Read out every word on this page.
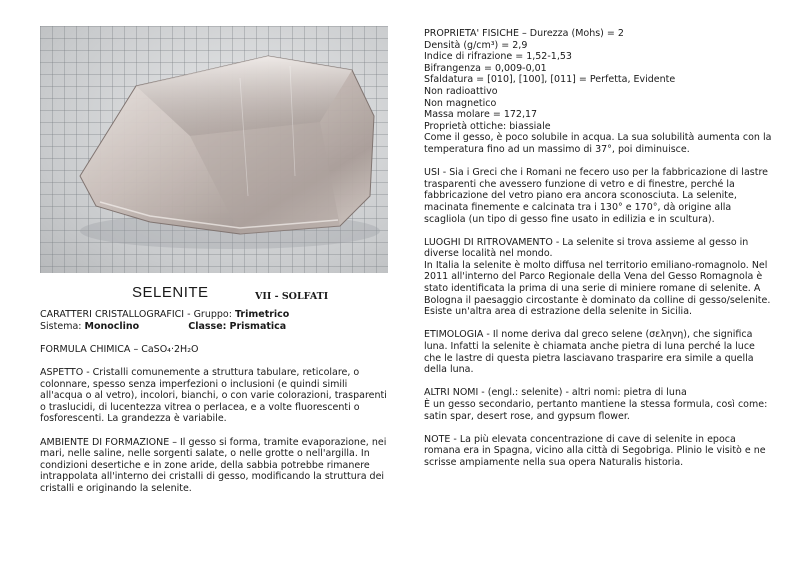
SELENITE	VII - SOLFATI

CARATTERI CRISTALLOGRAFICI - Gruppo: Trimetrico
Sistema: Monoclino	Classe: Prismatica

FORMULA CHIMICA – CaSO₄·2H₂O

ASPETTO - Cristalli comunemente a struttura tabulare, reticolare, o colonnare, spesso senza imperfezioni o inclusioni (e quindi simili all'acqua o al vetro), incolori, bianchi, o con varie colorazioni, trasparenti o traslucidi, di lucentezza vitrea o perlacea, e a volte fluorescenti o fosforescenti. La grandezza è variabile.

AMBIENTE DI FORMAZIONE – Il gesso si forma, tramite evaporazione, nei mari, nelle saline, nelle sorgenti salate, o nelle grotte o nell'argilla. In condizioni desertiche e in zone aride, della sabbia potrebbe rimanere intrappolata all'interno dei cristalli di gesso, modificando la struttura dei cristalli e originando la selenite.

PROPRIETA' FISICHE – Durezza (Mohs) = 2
Densità (g/cm³) = 2,9
Indice di rifrazione = 1,52-1,53
Bifrangenza = 0,009-0,01
Sfaldatura = [010], [100], [011] = Perfetta, Evidente
Non radioattivo
Non magnetico
Massa molare = 172,17
Proprietà ottiche: biassiale
Come il gesso, è poco solubile in acqua. La sua solubilità aumenta con la temperatura fino ad un massimo di 37°, poi diminuisce.

USI - Sia i Greci che i Romani ne fecero uso per la fabbricazione di lastre trasparenti che avessero funzione di vetro e di finestre, perché la fabbricazione del vetro piano era ancora sconosciuta. La selenite, macinata finemente e calcinata tra i 130° e 170°, dà origine alla scagliola (un tipo di gesso fine usato in edilizia e in scultura).

LUOGHI DI RITROVAMENTO - La selenite si trova assieme al gesso in diverse località nel mondo.
In Italia la selenite è molto diffusa nel territorio emiliano-romagnolo. Nel 2011 all'interno del Parco Regionale della Vena del Gesso Romagnola è stato identificata la prima di una serie di miniere romane di selenite. A Bologna il paesaggio circostante è dominato da colline di gesso/selenite. Esiste un'altra area di estrazione della selenite in Sicilia.

ETIMOLOGIA - Il nome deriva dal greco selene (σεληνη), che significa luna. Infatti la selenite è chiamata anche pietra di luna perché la luce che le lastre di questa pietra lasciavano trasparire era simile a quella della luna.

ALTRI NOMI - (engl.: selenite) - altri nomi: pietra di luna
È un gesso secondario, pertanto mantiene la stessa formula, così come: satin spar, desert rose, and gypsum flower.

NOTE - La più elevata concentrazione di cave di selenite in epoca romana era in Spagna, vicino alla città di Segobriga. Plinio le visitò e ne scrisse ampiamente nella sua opera Naturalis historia.
